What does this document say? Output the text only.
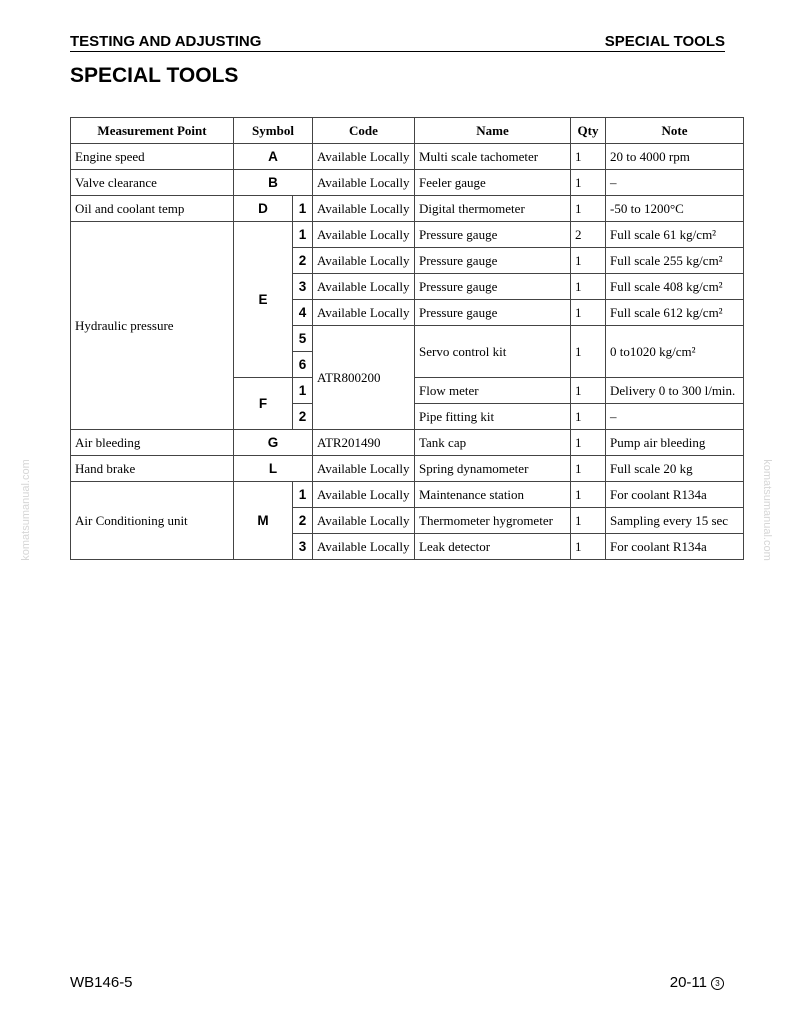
TESTING AND ADJUSTING	SPECIAL TOOLS
SPECIAL TOOLS
komatsumanual.com	komatsumanual.com
Measurement Point	Symbol		Code	Name	Qty	Note
Engine speed	A		Available Locally	Multi scale tachometer	1	20 to 4000 rpm
Valve clearance	B		Available Locally	Feeler gauge	1	–
Oil and coolant temp	D	1	Available Locally	Digital thermometer	1	-50 to 1200°C
Hydraulic pressure	E	1	Available Locally	Pressure gauge	2	Full scale 61 kg/cm²
		2	Available Locally	Pressure gauge	1	Full scale 255 kg/cm²
		3	Available Locally	Pressure gauge	1	Full scale 408 kg/cm²
		4	Available Locally	Pressure gauge	1	Full scale 612 kg/cm²
		5	ATR800200	Servo control kit	1	0 to1020 kg/cm²
		6				
	F	1		Flow meter	1	Delivery 0 to 300 l/min.
		2		Pipe fitting kit	1	–
Air bleeding	G		ATR201490	Tank cap	1	Pump air bleeding
Hand brake	L		Available Locally	Spring dynamometer	1	Full scale 20 kg
Air Conditioning unit	M	1	Available Locally	Maintenance station	1	For coolant R134a
		2	Available Locally	Thermometer hygrometer	1	Sampling every 15 sec
		3	Available Locally	Leak detector	1	For coolant R134a
WB146-5	20-11 3
